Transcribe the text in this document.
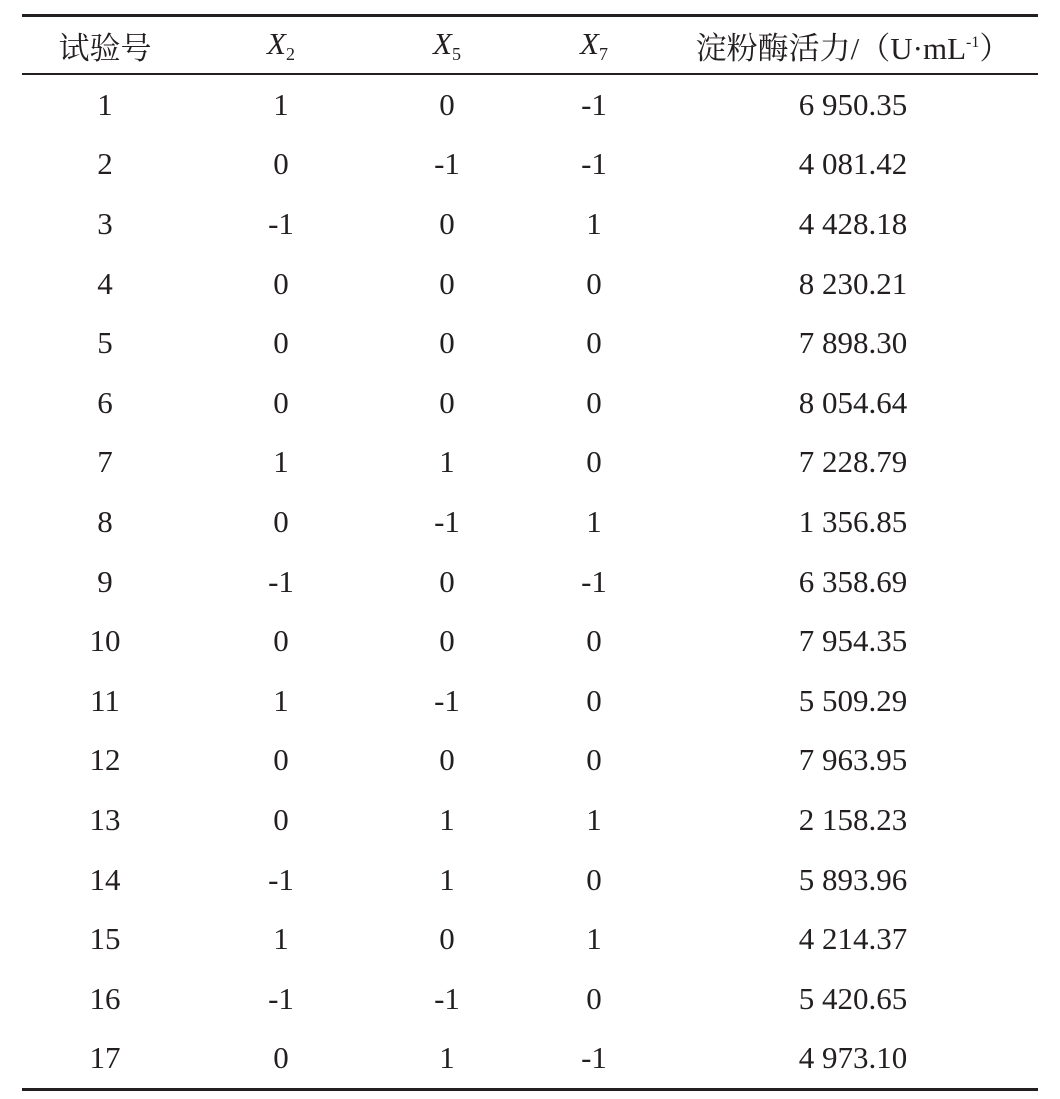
试验号	X2	X5	X7	淀粉酶活力$/(U\cdot mL^{-1})$
1	1	0	-1	6 950.35
2	0	-1	-1	4 081.42
3	-1	0	1	4 428.18
4	0	0	0	8 230.21
5	0	0	0	7 898.30
6	0	0	0	8 054.64
7	1	1	0	7 228.79
8	0	-1	1	1 356.85
9	-1	0	-1	6 358.69
10	0	0	0	7 954.35
11	1	-1	0	5 509.29
12	0	0	0	7 963.95
13	0	1	1	2 158.23
14	-1	1	0	5 893.96
15	1	0	1	4 214.37
16	-1	-1	0	5 420.65
17	0	1	-1	4 973.10
